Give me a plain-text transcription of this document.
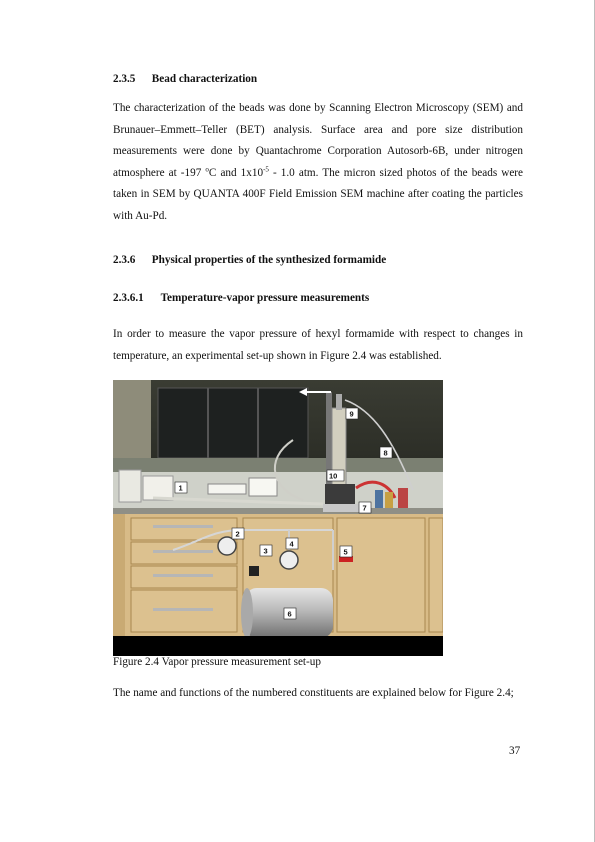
2.3.5 Bead characterization

The characterization of the beads was done by Scanning Electron Microscopy (SEM) and Brunauer–Emmett–Teller (BET) analysis. Surface area and pore size distribution measurements were done by Quantachrome Corporation Autosorb-6B, under nitrogen atmosphere at -197 $^o$C and $1x10^{-5} - 1.0$ atm. The micron sized photos of the beads were taken in SEM by QUANTA 400F Field Emission SEM machine after coating the particles with Au-Pd.

2.3.6 Physical properties of the synthesized formamide
2.3.6.1 Temperature-vapor pressure measurements

In order to measure the vapor pressure of hexyl formamide with respect to changes in temperature, an experimental set-up shown in Figure 2.4 was established.

1
2
3
4
5
6
7
8
9
10
Figure 2.4 Vapor pressure measurement set-up

The name and functions of the numbered constituents are explained below for Figure 2.4;

37
